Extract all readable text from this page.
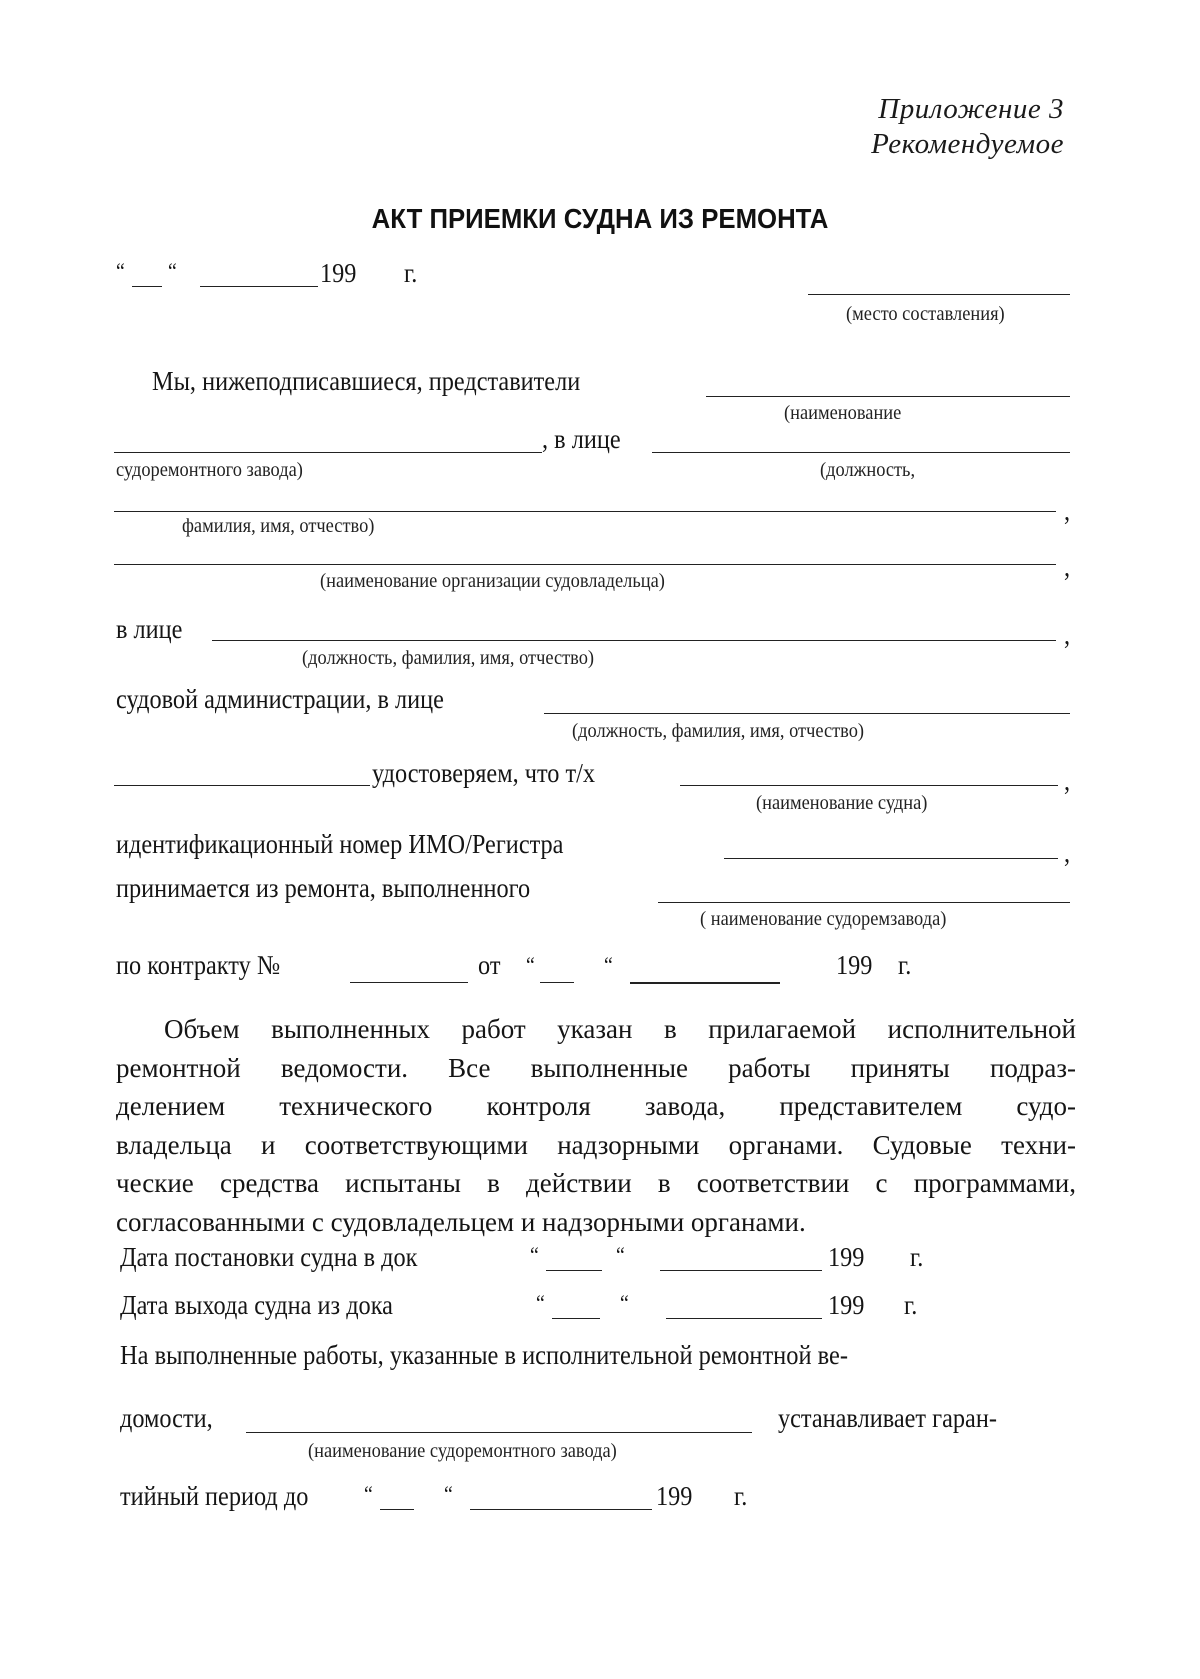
Приложение 3
Рекомендуемое
АКТ ПРИЕМКИ СУДНА ИЗ РЕМОНТА
“ “	199 г.
(место составления)
Мы, нижеподписавшиеся, представители
(наименование
, в лице
судоремонтного завода)	(должность,
,
фамилия, имя, отчество)
,
(наименование организации судовладельца)
в лице	,
(должность, фамилия, имя, отчество)
судовой администрации, в лице
(должность, фамилия, имя, отчество)
удостоверяем, что т/х	,
(наименование судна)
идентификационный номер ИМО/Регистра	,
принимается из ремонта, выполненного
( наименование судоремзавода)
по контракту №	от “	“	199 г.
Объем выполненных работ указан в прилагаемой исполнительной
ремонтной ведомости. Все выполненные работы приняты подраз-
делением технического контроля завода, представителем судо-
владельца и соответствующими надзорными органами. Судовые техни-
ческие средства испытаны в действии в соответствии с программами,
согласованными с судовладельцем и надзорными органами.
Дата постановки судна в док	“	“	199 г.
Дата выхода судна из дока	“	“	199 г.
На выполненные работы, указанные в исполнительной ремонтной ве-
домости,	устанавливает гаран-
(наименование судоремонтного завода)
тийный период до	“	“	199 г.
